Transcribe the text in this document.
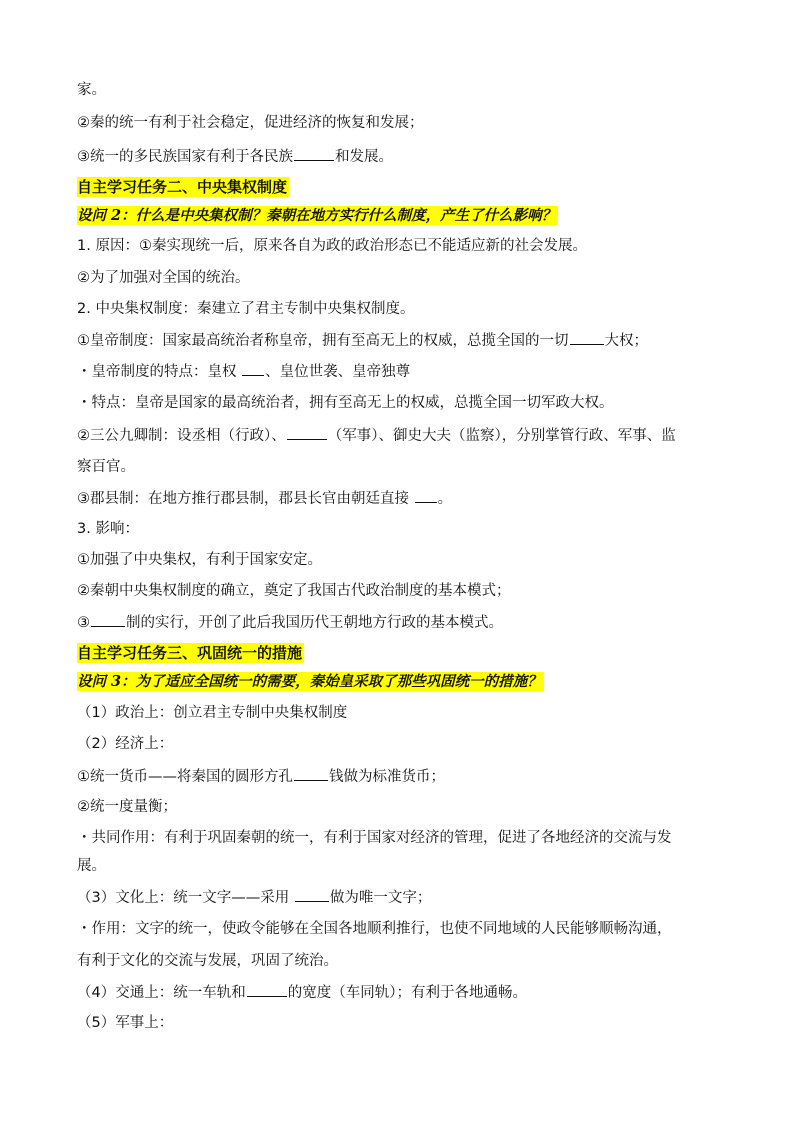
家。
②秦的统一有利于社会稳定，促进经济的恢复和发展；
③统一的多民族国家有利于各民族	和发展。
自主学习任务二、中央集权制度
设问 2：什么是中央集权制？秦朝在地方实行什么制度，产生了什么影响？
1. 原因：①秦实现统一后，原来各自为政的政治形态已不能适应新的社会发展。
②为了加强对全国的统治。
2. 中央集权制度：秦建立了君主专制中央集权制度。
①皇帝制度：国家最高统治者称皇帝，拥有至高无上的权威，总揽全国的一切 大权；
・皇帝制度的特点：皇权 、皇位世袭、皇帝独尊
・特点：皇帝是国家的最高统治者，拥有至高无上的权威，总揽全国一切军政大权。
②三公九卿制：设丞相（行政）、	（军事）、御史大夫（监察），分别掌管行政、军事、监
察百官。
③郡县制：在地方推行郡县制，郡县长官由朝廷直接 。
3. 影响：
①加强了中央集权，有利于国家安定。
②秦朝中央集权制度的确立，奠定了我国古代政治制度的基本模式；
③ 制的实行，开创了此后我国历代王朝地方行政的基本模式。
自主学习任务三、巩固统一的措施
设问 3：为了适应全国统一的需要，秦始皇采取了那些巩固统一的措施？
（1）政治上：创立君主专制中央集权制度
（2）经济上：
①统一货币——将秦国的圆形方孔 钱做为标准货币；
②统一度量衡；
・共同作用：有利于巩固秦朝的统一，有利于国家对经济的管理，促进了各地经济的交流与发
展。
（3）文化上：统一文字——采用 做为唯一文字；
・作用：文字的统一，使政令能够在全国各地顺利推行，也使不同地域的人民能够顺畅沟通，
有利于文化的交流与发展，巩固了统治。
（4）交通上：统一车轨和	的宽度（车同轨）；有利于各地通畅。
（5）军事上：
